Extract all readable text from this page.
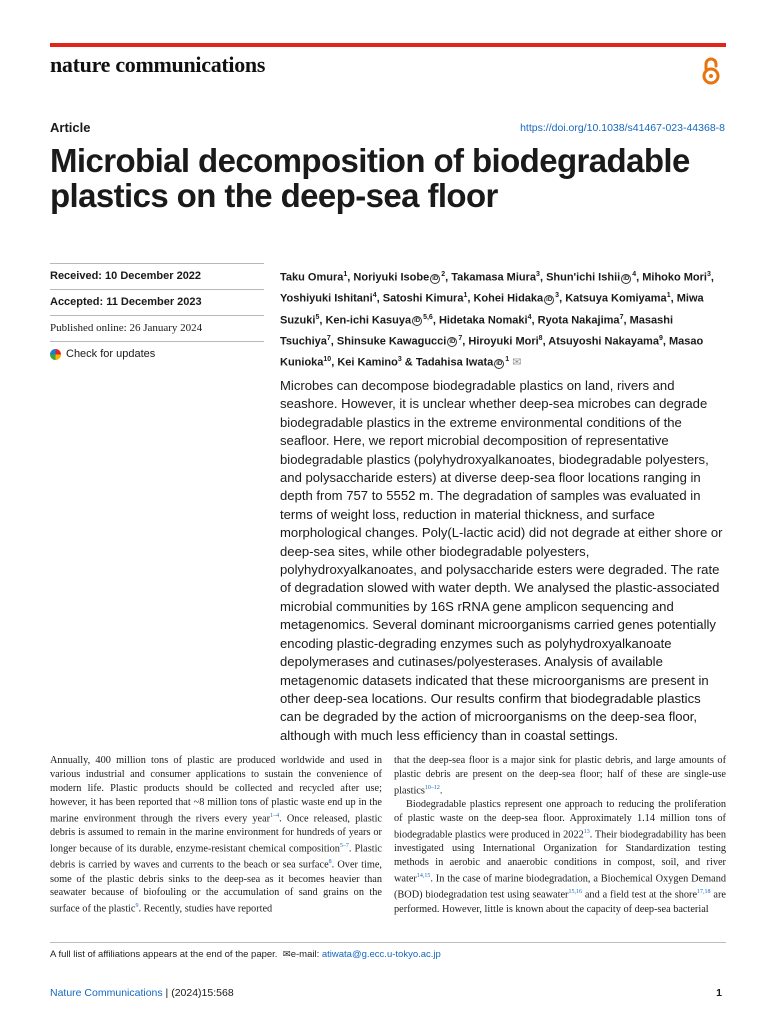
nature communications
Article	https://doi.org/10.1038/s41467-023-44368-8
Microbial decomposition of biodegradable
plastics on the deep-sea floor
Received: 10 December 2022
Accepted: 11 December 2023
Published online: 26 January 2024
Check for updates
Taku Omura$^1$, Noriyuki Isobe $iD^2$, Takamasa Miura$^3$, Shun'ichi Ishii $iD^4$, Mihoko Mori$^3$, Yoshiyuki Ishitani$^4$, Satoshi Kimura$^1$, Kohei Hidaka $iD^3$, Katsuya Komiyama$^1$, Miwa Suzuki$^5$, Ken-ichi Kasuya iD$^{5,6}$, Hidetaka Nomaki$^4$, Ryota Nakajima$^7$, Masashi Tsuchiya$^7$, Shinsuke Kawagucci $iD^7$, Hiroyuki Mori$^8$, Atsuyoshi Nakayama$^9$, Masao Kunioka$^{10}$, Kei Kamino$^3$ & Tadahisa Iwata $iD^1$ ✉

Microbes can decompose biodegradable plastics on land, rivers and seashore. However, it is unclear whether deep-sea microbes can degrade biodegradable plastics in the extreme environmental conditions of the seafloor. Here, we report microbial decomposition of representative biodegradable plastics (polyhydroxyalkanoates, biodegradable polyesters, and polysaccharide esters) at diverse deep-sea floor locations ranging in depth from 757 to 5552 m. The degradation of samples was evaluated in terms of weight loss, reduction in material thickness, and surface morphological changes. Poly(L-lactic acid) did not degrade at either shore or deep-sea sites, while other biodegradable polyesters, polyhydroxyalkanoates, and polysaccharide esters were degraded. The rate of degradation slowed with water depth. We analysed the plastic-associated microbial communities by 16S rRNA gene amplicon sequencing and metagenomics. Several dominant microorganisms carried genes potentially encoding plastic-degrading enzymes such as polyhydroxyalkanoate depolymerases and cutinases/polyesterases. Analysis of available metagenomic datasets indicated that these microorganisms are present in other deep-sea locations. Our results confirm that biodegradable plastics can be degraded by the action of microorganisms on the deep-sea floor, although with much less efficiency than in coastal settings.

Annually, 400 million tons of plastic are produced worldwide and used in various industrial and consumer applications to sustain the convenience of modern life. Plastic products should be collected and recycled after use; however, it has been reported that ~8 million tons of plastic waste end up in the marine environment through the rivers every year$^{1-4}$. Once released, plastic debris is assumed to remain in the marine environment for hundreds of years or longer because of its durable, enzyme-resistant chemical composition$^{5-7}$. Plastic debris is carried by waves and currents to the beach or sea surface$^8$. Over time, some of the plastic debris sinks to the deep-sea as it becomes heavier than seawater because of biofouling or the accumulation of sand grains on the surface of the plastic$^9$. Recently, studies have reported

that the deep-sea floor is a major sink for plastic debris, and large amounts of plastic debris are present on the deep-sea floor; half of these are single-use plastics$^{10-12}$.

Biodegradable plastics represent one approach to reducing the proliferation of plastic waste on the deep-sea floor. Approximately 1.14 million tons of biodegradable plastics were produced in 2022$^{13}$. Their biodegradability has been investigated using International Organization for Standardization testing methods in aerobic and anaerobic conditions in compost, soil, and river water$^{14,15}$. In the case of marine biodegradation, a Biochemical Oxygen Demand (BOD) biodegradation test using seawater$^{15,16}$ and a field test at the shore$^{17,18}$ are performed. However, little is known about the capacity of deep-sea bacterial

A full list of affiliations appears at the end of the paper.  ✉e-mail: atiwata@g.ecc.u-tokyo.ac.jp
Nature Communications | (2024)15:568	1
